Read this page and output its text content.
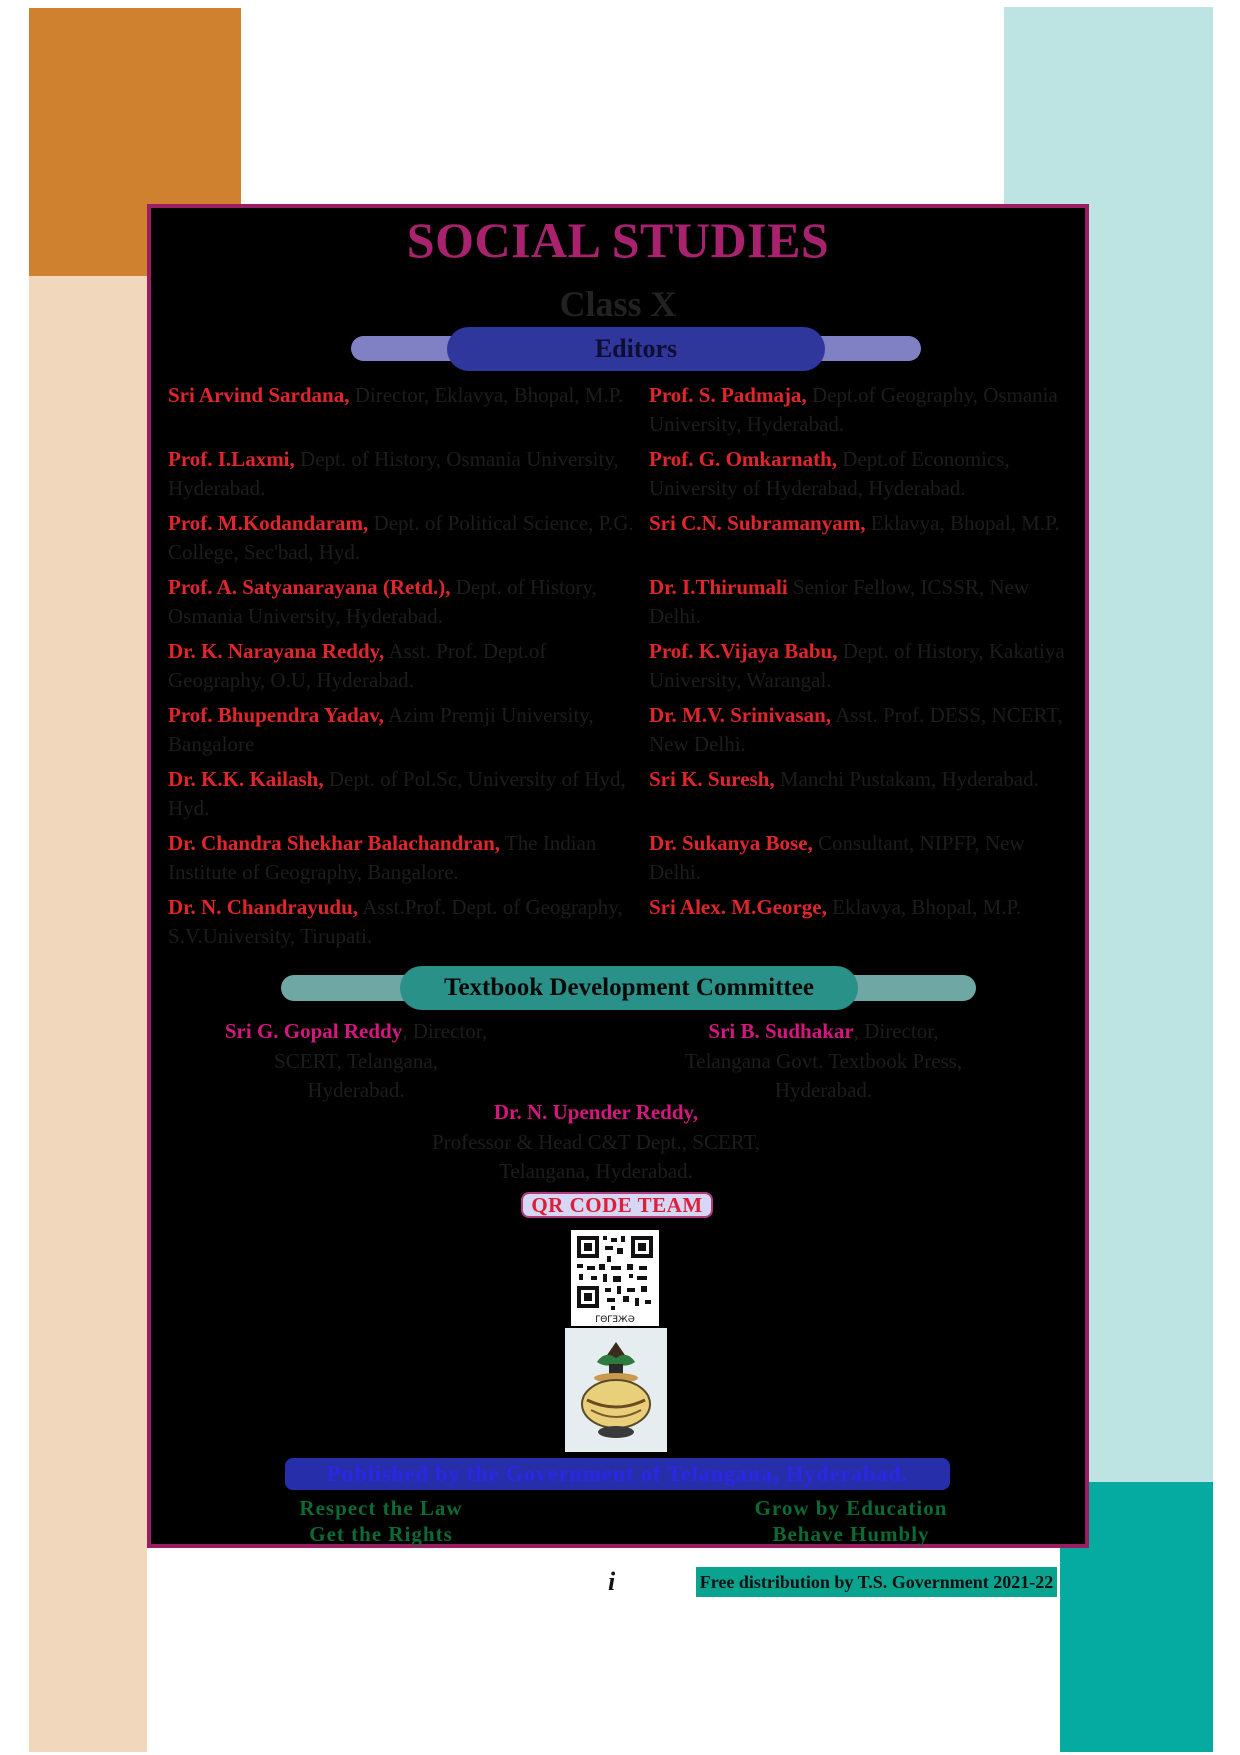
SOCIAL STUDIES
Class X
Editors
Sri Arvind Sardana, Director, Eklavya, Bhopal, M.P.
Prof. I.Laxmi, Dept. of History, Osmania University, Hyderabad.
Prof. M.Kodandaram, Dept. of Political Science, P.G. College, Sec'bad, Hyd.
Prof. A. Satyanarayana (Retd.), Dept. of History, Osmania University, Hyderabad.
Dr. K. Narayana Reddy, Asst. Prof. Dept.of Geography, O.U, Hyderabad.
Prof. Bhupendra Yadav, Azim Premji University, Bangalore
Dr. K.K. Kailash, Dept. of Pol.Sc, University of Hyd, Hyd.
Dr. Chandra Shekhar Balachandran, The Indian Institute of Geography, Bangalore.
Dr. N. Chandrayudu, Asst.Prof. Dept. of Geography, S.V.University, Tirupati.
Prof. S. Padmaja, Dept.of Geography, Osmania University, Hyderabad.
Prof. G. Omkarnath, Dept.of Economics, University of Hyderabad, Hyderabad.
Sri C.N. Subramanyam, Eklavya, Bhopal, M.P.
Dr. I.Thirumali Senior Fellow, ICSSR, New Delhi.
Prof. K.Vijaya Babu, Dept. of History, Kakatiya University, Warangal.
Dr. M.V. Srinivasan, Asst. Prof. DESS, NCERT, New Delhi.
Sri K. Suresh, Manchi Pustakam, Hyderabad.
Dr. Sukanya Bose, Consultant, NIPFP, New Delhi.
Sri Alex. M.George, Eklavya, Bhopal, M.P.
Textbook Development Committee
Sri G. Gopal Reddy, Director,
SCERT, Telangana,
Hyderabad.
Sri B. Sudhakar, Director,
Telangana Govt. Textbook Press,
Hyderabad.
Dr. N. Upender Reddy,
Professor & Head C&T Dept., SCERT,
Telangana, Hyderabad.
QR CODE TEAM
ΓΘΓƎЖƏ
Published by the Government of Telangana, Hyderabad.
Respect the Law
Get the Rights
Grow by Education
Behave Humbly
i	Free distribution by T.S. Government 2021-22
